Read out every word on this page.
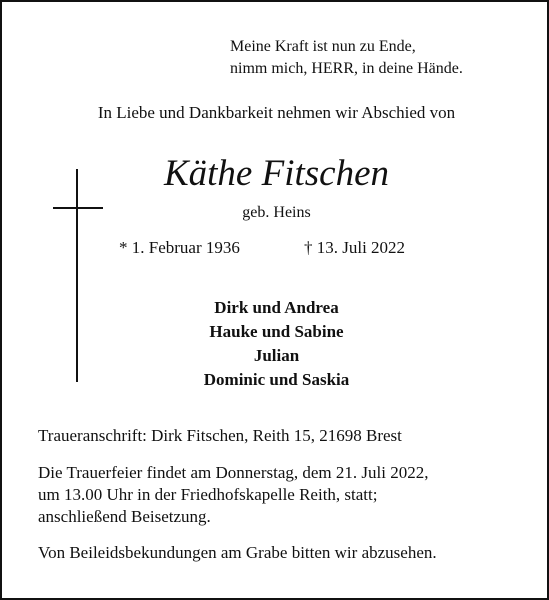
Meine Kraft ist nun zu Ende,
nimm mich, HERR, in deine Hände.
In Liebe und Dankbarkeit nehmen wir Abschied von
Käthe Fitschen
geb. Heins
* 1. Februar 1936	† 13. Juli 2022
Dirk und Andrea
Hauke und Sabine
Julian
Dominic und Saskia
Traueranschrift: Dirk Fitschen, Reith 15, 21698 Brest
Die Trauerfeier findet am Donnerstag, dem 21. Juli 2022,
um 13.00 Uhr in der Friedhofskapelle Reith, statt;
anschließend Beisetzung.
Von Beileidsbekundungen am Grabe bitten wir abzusehen.
